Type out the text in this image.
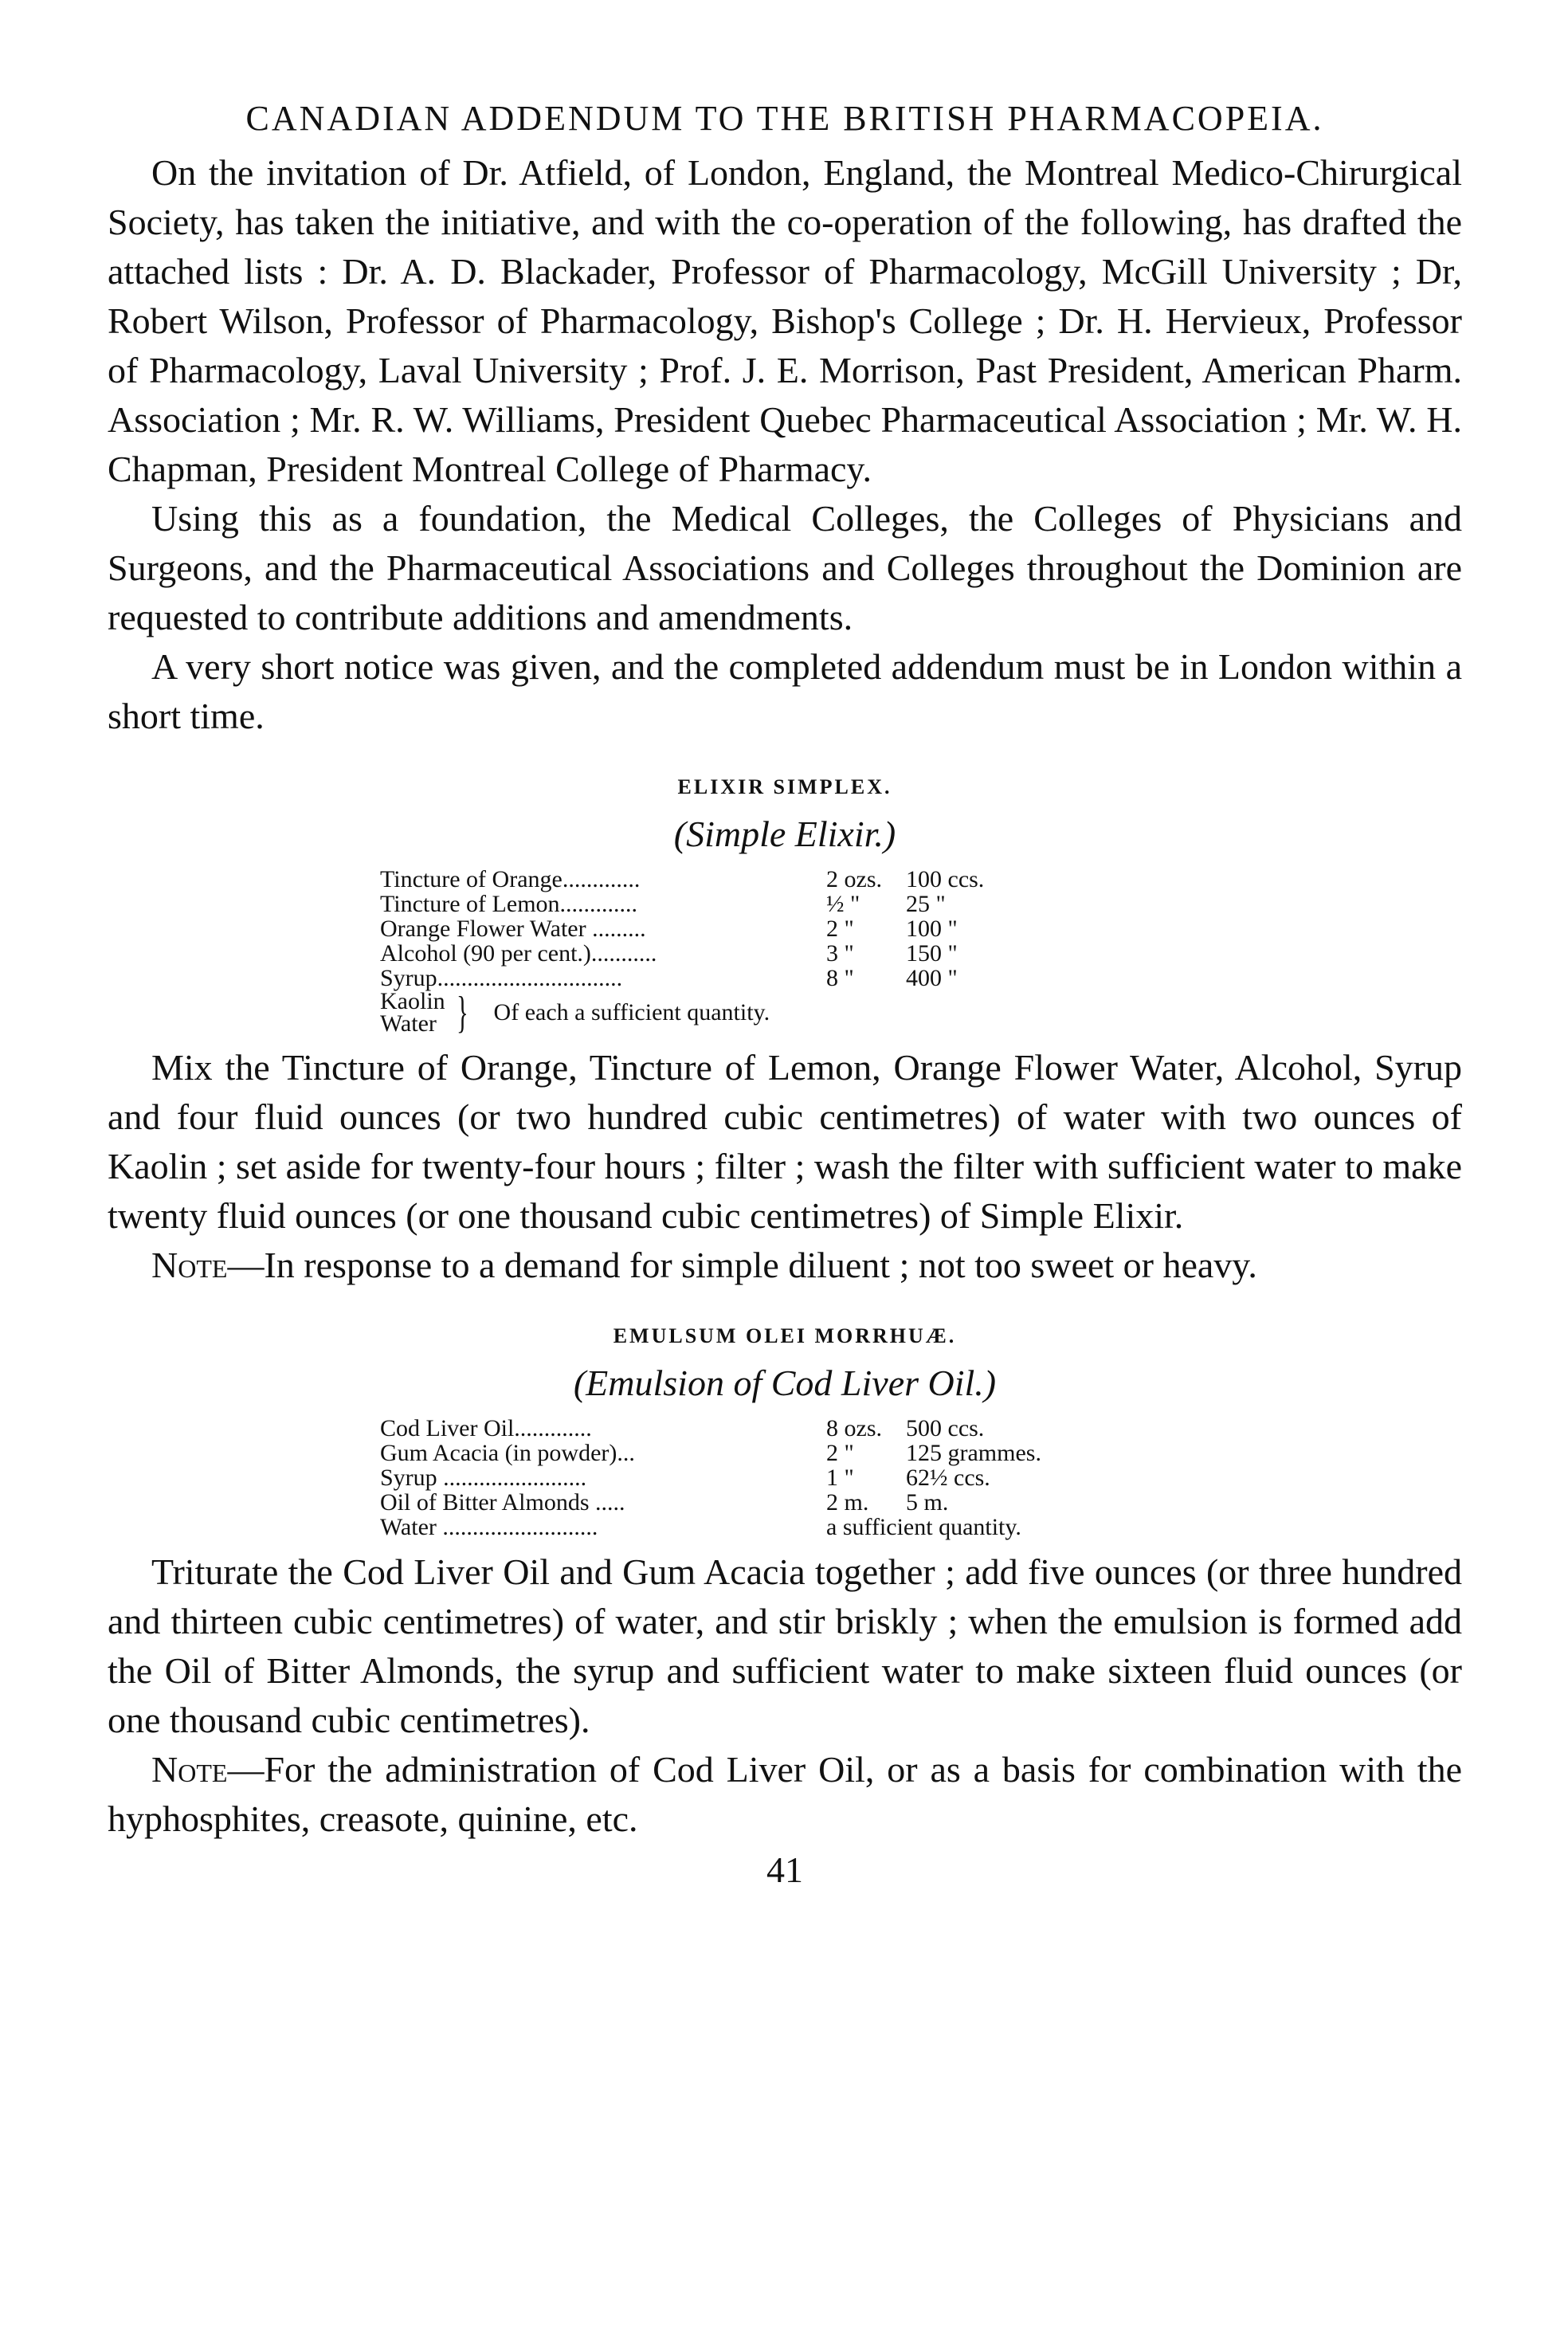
CANADIAN ADDENDUM TO THE BRITISH PHARMACOPEIA.

On the invitation of Dr. Atfield, of London, England, the Montreal Medico-Chirurgical Society, has taken the initiative, and with the co-operation of the following, has drafted the attached lists : Dr. A. D. Blackader, Professor of Pharmacology, McGill University ; Dr, Robert Wilson, Professor of Pharmacology, Bishop's College ; Dr. H. Hervieux, Professor of Pharmacology, Laval University ; Prof. J. E. Morrison, Past President, American Pharm. Association ; Mr. R. W. Williams, President Quebec Pharmaceutical Association ; Mr. W. H. Chapman, President Montreal College of Pharmacy.

Using this as a foundation, the Medical Colleges, the Colleges of Physicians and Surgeons, and the Pharmaceutical Associations and Colleges throughout the Dominion are requested to contribute additions and amendments.

A very short notice was given, and the completed addendum must be in London within a short time.

ELIXIR SIMPLEX.
(Simple Elixir.)
Tincture of Orange.............	2 ozs.	100 ccs.
Tincture of Lemon.............	½ "	25 "
Orange Flower Water .........	2 "	100 "
Alcohol (90 per cent.)...........	3 "	150 "
Syrup...............................	8 "	400 "
Kaolin
Water } Of each a sufficient quantity.

Mix the Tincture of Orange, Tincture of Lemon, Orange Flower Water, Alcohol, Syrup and four fluid ounces (or two hundred cubic centimetres) of water with two ounces of Kaolin ; set aside for twenty-four hours ; filter ; wash the filter with sufficient water to make twenty fluid ounces (or one thousand cubic centimetres) of Simple Elixir.

Note—In response to a demand for simple diluent ; not too sweet or heavy.

EMULSUM OLEI MORRHUÆ.
(Emulsion of Cod Liver Oil.)
Cod Liver Oil.............	8 ozs.	500 ccs.
Gum Acacia (in powder)...	2 "	125 grammes.
Syrup ........................	1 "	62½ ccs.
Oil of Bitter Almonds .....	2 m.	5 m.
Water ..........................	a sufficient quantity.	

Triturate the Cod Liver Oil and Gum Acacia together ; add five ounces (or three hundred and thirteen cubic centimetres) of water, and stir briskly ; when the emulsion is formed add the Oil of Bitter Almonds, the syrup and sufficient water to make sixteen fluid ounces (or one thousand cubic centimetres).

Note—For the administration of Cod Liver Oil, or as a basis for combination with the hyphosphites, creasote, quinine, etc.

41
